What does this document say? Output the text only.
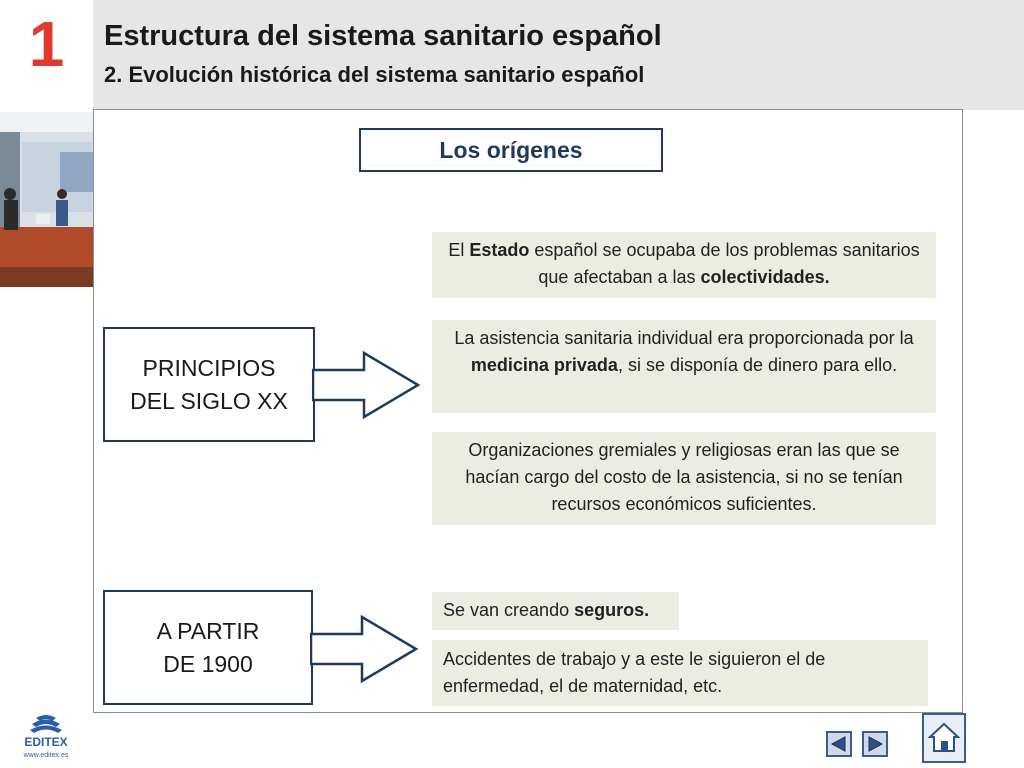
1	Estructura del sistema sanitario español
2. Evolución histórica del sistema sanitario español
Los orígenes
PRINCIPIOS
DEL SIGLO XX
A PARTIR
DE 1900
El Estado español se ocupaba de los problemas sanitarios que afectaban a las colectividades.
La asistencia sanitaria individual era proporcionada por la medicina privada, si se disponía de dinero para ello.
Organizaciones gremiales y religiosas eran las que se hacían cargo del costo de la asistencia, si no se tenían recursos económicos suficientes.
Se van creando seguros.
Accidentes de trabajo y a este le siguieron el de enfermedad, el de maternidad, etc.
EDITEX
www.editex.es
